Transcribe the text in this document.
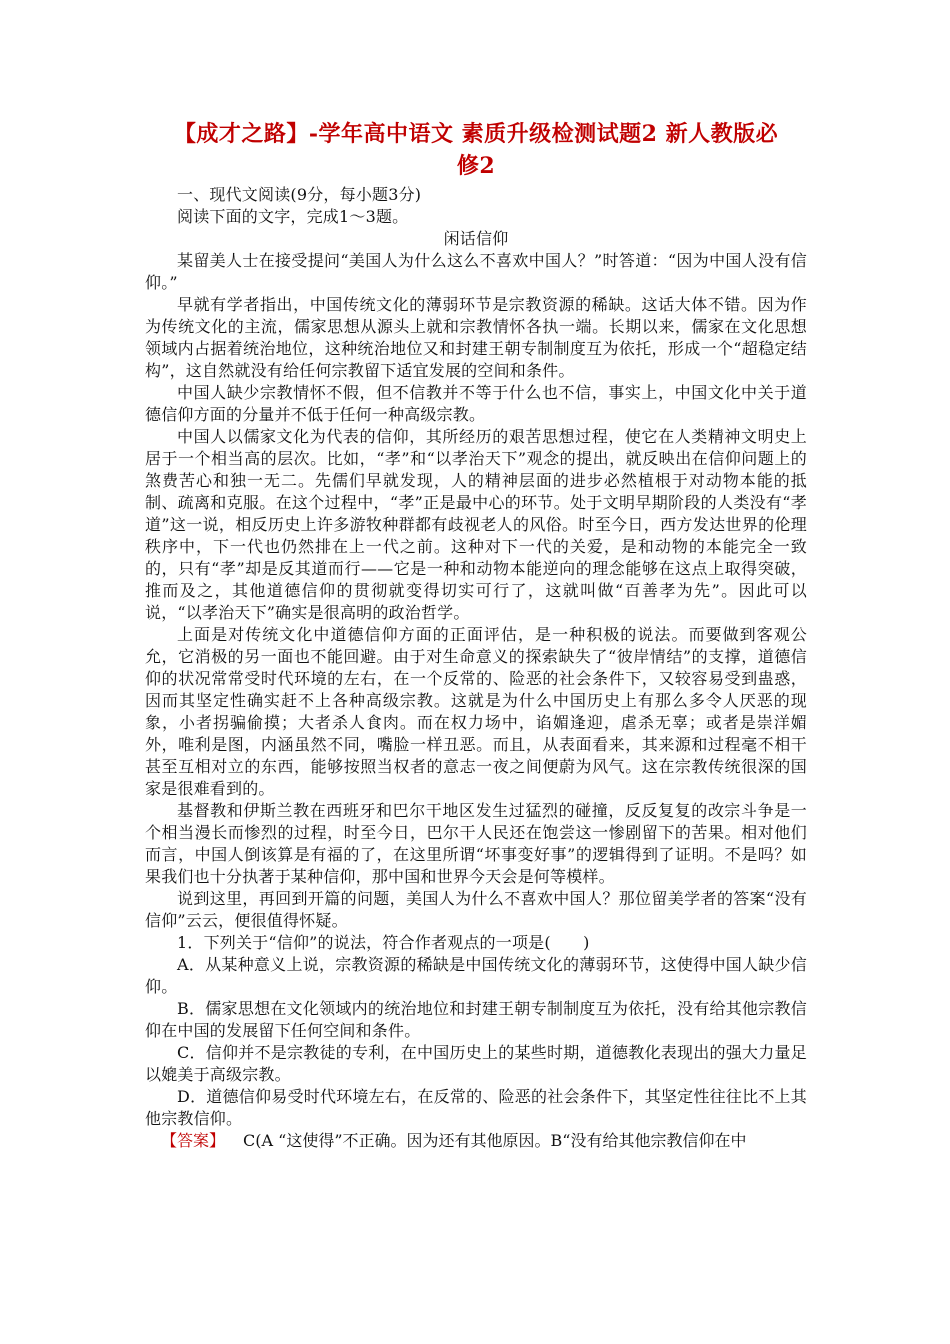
【成才之路】-学年高中语文 素质升级检测试题2 新人教版必
修2

一、现代文阅读(9分，每小题3分)

阅读下面的文字，完成1～3题。

闲话信仰

某留美人士在接受提问“美国人为什么这么不喜欢中国人？”时答道：“因为中国人没有信仰。”

早就有学者指出，中国传统文化的薄弱环节是宗教资源的稀缺。这话大体不错。因为作为传统文化的主流，儒家思想从源头上就和宗教情怀各执一端。长期以来，儒家在文化思想领域内占据着统治地位，这种统治地位又和封建王朝专制制度互为依托，形成一个“超稳定结构”，这自然就没有给任何宗教留下适宜发展的空间和条件。

中国人缺少宗教情怀不假，但不信教并不等于什么也不信，事实上，中国文化中关于道德信仰方面的分量并不低于任何一种高级宗教。

中国人以儒家文化为代表的信仰，其所经历的艰苦思想过程，使它在人类精神文明史上居于一个相当高的层次。比如，“孝”和“以孝治天下”观念的提出，就反映出在信仰问题上的煞费苦心和独一无二。先儒们早就发现，人的精神层面的进步必然植根于对动物本能的抵制、疏离和克服。在这个过程中，“孝”正是最中心的环节。处于文明早期阶段的人类没有“孝道”这一说，相反历史上许多游牧种群都有歧视老人的风俗。时至今日，西方发达世界的伦理秩序中，下一代也仍然排在上一代之前。这种对下一代的关爱，是和动物的本能完全一致的，只有“孝”却是反其道而行——它是一种和动物本能逆向的理念能够在这点上取得突破，推而及之，其他道德信仰的贯彻就变得切实可行了，这就叫做“百善孝为先”。因此可以说，“以孝治天下”确实是很高明的政治哲学。

上面是对传统文化中道德信仰方面的正面评估，是一种积极的说法。而要做到客观公允，它消极的另一面也不能回避。由于对生命意义的探索缺失了“彼岸情结”的支撑，道德信仰的状况常常受时代环境的左右，在一个反常的、险恶的社会条件下，又较容易受到蛊惑，因而其坚定性确实赶不上各种高级宗教。这就是为什么中国历史上有那么多令人厌恶的现象，小者拐骗偷摸；大者杀人食肉。而在权力场中，谄媚逢迎，虐杀无辜；或者是崇洋媚外，唯利是图，内涵虽然不同，嘴脸一样丑恶。而且，从表面看来，其来源和过程毫不相干甚至互相对立的东西，能够按照当权者的意志一夜之间便蔚为风气。这在宗教传统很深的国家是很难看到的。

基督教和伊斯兰教在西班牙和巴尔干地区发生过猛烈的碰撞，反反复复的改宗斗争是一个相当漫长而惨烈的过程，时至今日，巴尔干人民还在饱尝这一惨剧留下的苦果。相对他们而言，中国人倒该算是有福的了，在这里所谓“坏事变好事”的逻辑得到了证明。不是吗？如果我们也十分执著于某种信仰，那中国和世界今天会是何等模样。

说到这里，再回到开篇的问题，美国人为什么不喜欢中国人？那位留美学者的答案“没有信仰”云云，便很值得怀疑。

1．下列关于“信仰”的说法，符合作者观点的一项是(　　)

A．从某种意义上说，宗教资源的稀缺是中国传统文化的薄弱环节，这使得中国人缺少信仰。

B．儒家思想在文化领域内的统治地位和封建王朝专制制度互为依托，没有给其他宗教信仰在中国的发展留下任何空间和条件。

C．信仰并不是宗教徒的专利，在中国历史上的某些时期，道德教化表现出的强大力量足以媲美于高级宗教。

D．道德信仰易受时代环境左右，在反常的、险恶的社会条件下，其坚定性往往比不上其他宗教信仰。

【答案】 C(A “这使得”不正确。因为还有其他原因。B“没有给其他宗教信仰在中
